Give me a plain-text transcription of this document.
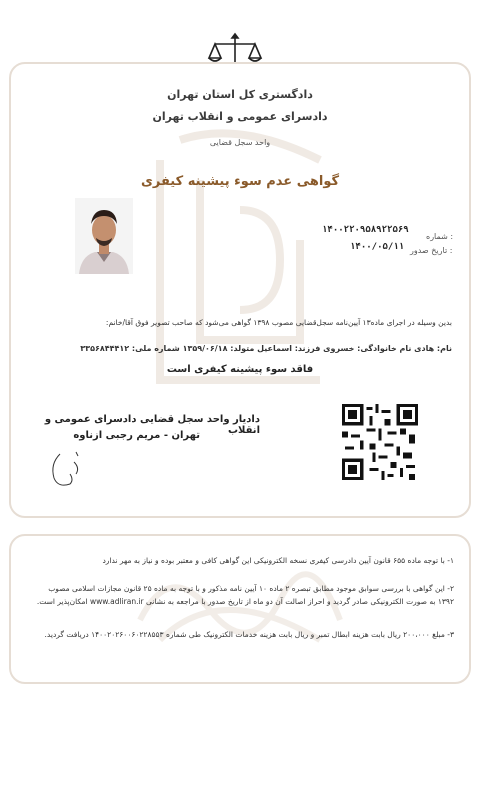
دادگستری کل استان تهران
دادسرای عمومی و انقلاب تهران
واحد سجل قضایی
گواهی عدم سوء پیشینه کیفری
شماره :
۱۴۰۰۲۲۰۹۵۸۹۲۲۵۶۹
تاریخ صدور :
۱۴۰۰/۰۵/۱۱
بدین وسیله در اجرای ماده۱۳ آیین‌نامه سجل‌قضایی مصوب ۱۳۹۸ گواهی می‌شود که صاحب تصویر فوق آقا/خانم:
نام: هادی نام خانوادگی: خسروی فرزند: اسماعیل متولد: ۱۳۵۹/۰۶/۱۸ شماره ملی: ۳۳۵۶۸۴۴۴۱۲
فاقد سوء پیشینه کیفری است
دادیار واحد سجل قضایی دادسرای عمومی و انقلاب
تهران - مریم رجبی ازناوه
۱- با توجه ماده ۶۵۵ قانون آیین دادرسی کیفری نسخه الکترونیکی این گواهی کافی و معتبر بوده و نیاز به مهر ندارد
۲- این گواهی با بررسی سوابق موجود مطابق تبصره ۲ ماده ۱۰ آیین نامه مذکور و با توجه به ماده ۲۵ قانون مجازات اسلامی مصوب ۱۳۹۲ به صورت الکترونیکی صادر گردید و احراز اصالت آن دو ماه از تاریخ صدور با مراجعه به نشانی www.adliran.ir امکان‌پذیر است.
۳- مبلغ ۲۰۰،۰۰۰ ریال بابت هزینه ابطال تمبر و ریال بابت هزینه خدمات الکترونیک طی شماره ۱۴۰۰۲۰۲۶۰۰۶۰۲۲۸۵۵۳ دریافت گردید.
